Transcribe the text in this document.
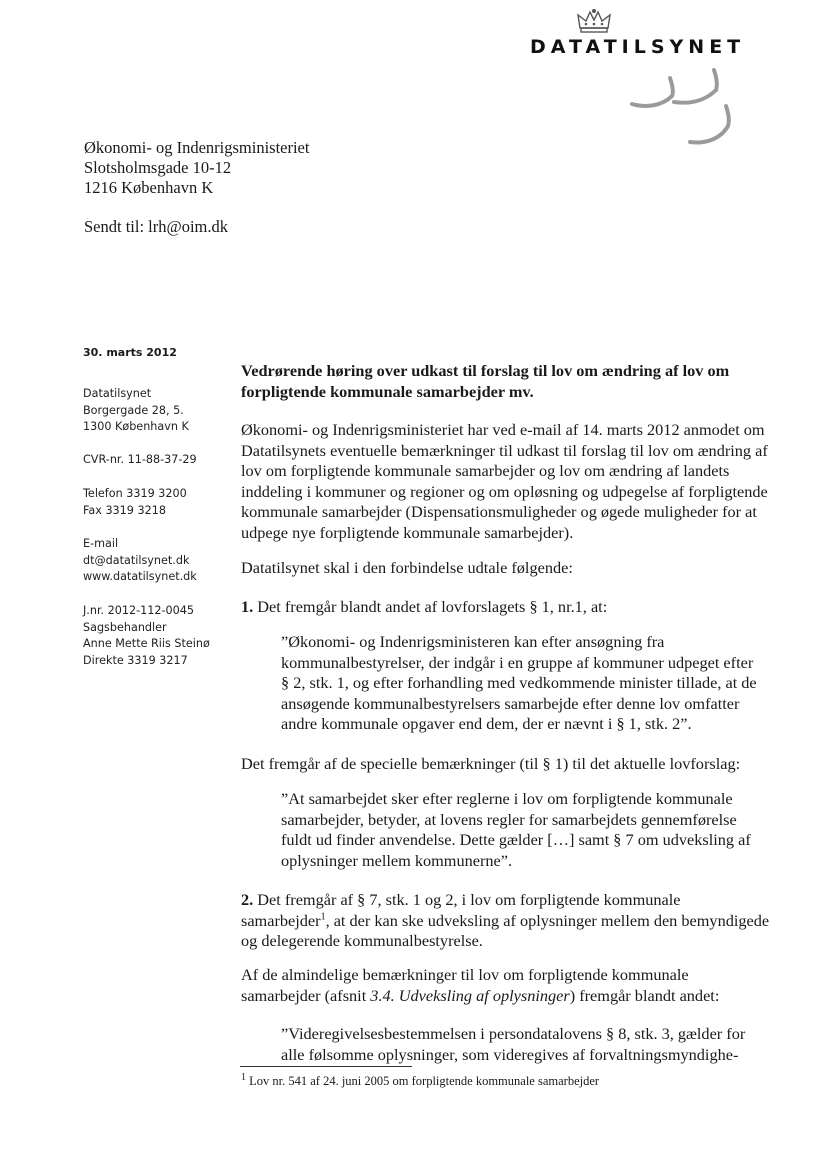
DATATILSYNET
Økonomi- og Indenrigsministeriet
Slotsholmsgade 10-12
1216 København K
Sendt til: lrh@oim.dk
30. marts 2012
Datatilsynet
Borgergade 28, 5.
1300 København K
CVR-nr. 11-88-37-29
Telefon 3319 3200
Fax 3319 3218
E-mail
dt@datatilsynet.dk
www.datatilsynet.dk
J.nr. 2012-112-0045
Sagsbehandler
Anne Mette Riis Steinø
Direkte 3319 3217

Vedrørende høring over udkast til forslag til lov om ændring af lov om forpligtende kommunale samarbejder mv.

Økonomi- og Indenrigsministeriet har ved e-mail af 14. marts 2012 anmodet om Datatilsynets eventuelle bemærkninger til udkast til forslag til lov om ændring af lov om forpligtende kommunale samarbejder og lov om ændring af landets inddeling i kommuner og regioner og om opløsning og udpegelse af forpligtende kommunale samarbejder (Dispensationsmuligheder og øgede muligheder for at udpege nye forpligtende kommunale samarbejder).

Datatilsynet skal i den forbindelse udtale følgende:

1. Det fremgår blandt andet af lovforslagets § 1, nr.1, at:

”Økonomi- og Indenrigsministeren kan efter ansøgning fra kommunalbestyrelser, der indgår i en gruppe af kommuner udpeget efter § 2, stk. 1, og efter forhandling med vedkommende minister tillade, at de ansøgende kommunalbestyrelsers samarbejde efter denne lov omfatter andre kommunale opgaver end dem, der er nævnt i § 1, stk. 2”.

Det fremgår af de specielle bemærkninger (til § 1) til det aktuelle lovforslag:

”At samarbejdet sker efter reglerne i lov om forpligtende kommunale samarbejder, betyder, at lovens regler for samarbejdets gennemførelse fuldt ud finder anvendelse. Dette gælder […] samt § 7 om udveksling af oplysninger mellem kommunerne”.

2. Det fremgår af § 7, stk. 1 og 2, i lov om forpligtende kommunale samarbejder$^1$, at der kan ske udveksling af oplysninger mellem den bemyndigede og delegerende kommunalbestyrelse.

Af de almindelige bemærkninger til lov om forpligtende kommunale samarbejder (afsnit 3.4. Udveksling af oplysninger) fremgår blandt andet:

”Videregivelsesbestemmelsen i persondatalovens § 8, stk. 3, gælder for alle følsomme oplysninger, som videregives af forvaltningsmyndighe-

$^1$ Lov nr. 541 af 24. juni 2005 om forpligtende kommunale samarbejder
